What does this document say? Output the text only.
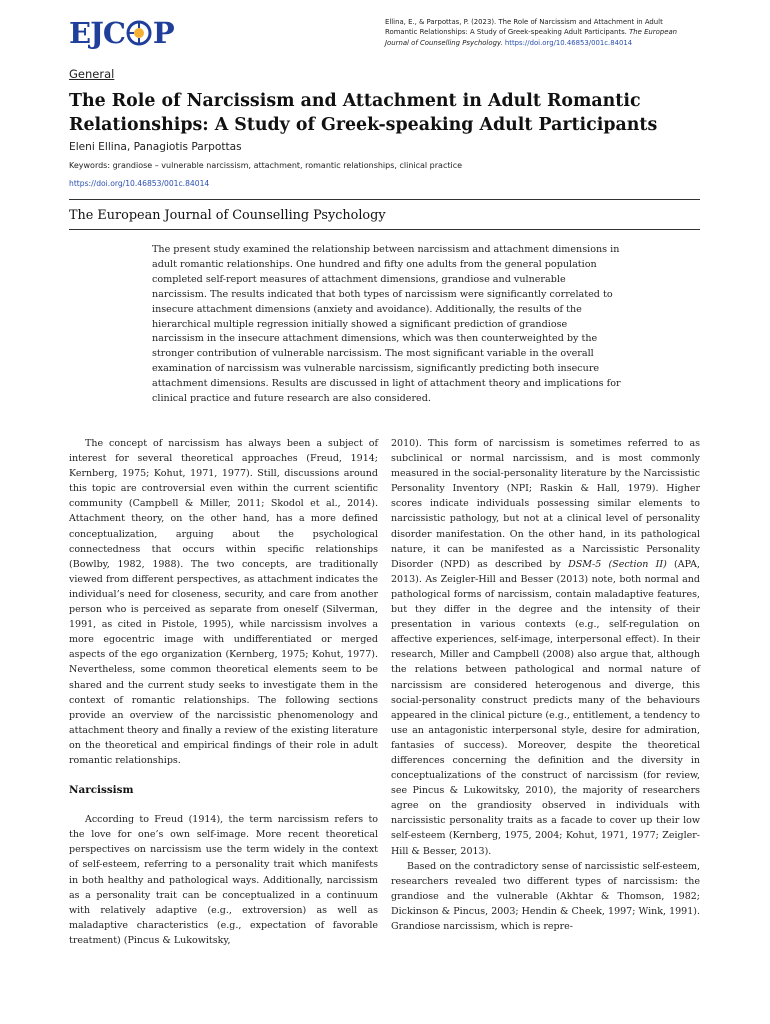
EJC P	Ellina, E., & Parpottas, P. (2023). The Role of Narcissism and Attachment in Adult Romantic Relationships: A Study of Greek-speaking Adult Participants. The European Journal of Counselling Psychology. https://doi.org/10.46853/001c.84014
General
The Role of Narcissism and Attachment in Adult Romantic Relationships: A Study of Greek-speaking Adult Participants
Eleni Ellina, Panagiotis Parpottas
Keywords: grandiose – vulnerable narcissism, attachment, romantic relationships, clinical practice
https://doi.org/10.46853/001c.84014
The European Journal of Counselling Psychology

The present study examined the relationship between narcissism and attachment dimensions in adult romantic relationships. One hundred and fifty one adults from the general population completed self-report measures of attachment dimensions, grandiose and vulnerable narcissism. The results indicated that both types of narcissism were significantly correlated to insecure attachment dimensions (anxiety and avoidance). Additionally, the results of the hierarchical multiple regression initially showed a significant prediction of grandiose narcissism in the insecure attachment dimensions, which was then counterweighted by the stronger contribution of vulnerable narcissism. The most significant variable in the overall examination of narcissism was vulnerable narcissism, significantly predicting both insecure attachment dimensions. Results are discussed in light of attachment theory and implications for clinical practice and future research are also considered.

The concept of narcissism has always been a subject of interest for several theoretical approaches (Freud, 1914; Kernberg, 1975; Kohut, 1971, 1977). Still, discussions around this topic are controversial even within the current scientific community (Campbell & Miller, 2011; Skodol et al., 2014). Attachment theory, on the other hand, has a more defined conceptualization, arguing about the psychological connectedness that occurs within specific relationships (Bowlby, 1982, 1988). The two concepts, are traditionally viewed from different perspectives, as attachment indicates the individual’s need for closeness, security, and care from another person who is perceived as separate from oneself (Silverman, 1991, as cited in Pistole, 1995), while narcissism involves a more egocentric image with undifferentiated or merged aspects of the ego organization (Kernberg, 1975; Kohut, 1977). Nevertheless, some common theoretical elements seem to be shared and the current study seeks to investigate them in the context of romantic relationships. The following sections provide an overview of the narcissistic phenomenology and attachment theory and finally a review of the existing literature on the theoretical and empirical findings of their role in adult romantic relationships.

Narcissism

According to Freud (1914), the term narcissism refers to the love for one’s own self-image. More recent theoretical perspectives on narcissism use the term widely in the context of self-esteem, referring to a personality trait which manifests in both healthy and pathological ways. Additionally, narcissism as a personality trait can be conceptualized in a continuum with relatively adaptive (e.g., extroversion) as well as maladaptive characteristics (e.g., expectation of favorable treatment) (Pincus & Lukowitsky,

2010). This form of narcissism is sometimes referred to as subclinical or normal narcissism, and is most commonly measured in the social-personality literature by the Narcissistic Personality Inventory (NPI; Raskin & Hall, 1979). Higher scores indicate individuals possessing similar elements to narcissistic pathology, but not at a clinical level of personality disorder manifestation. On the other hand, in its pathological nature, it can be manifested as a Narcissistic Personality Disorder (NPD) as described by DSM-5 (Section II) (APA, 2013). As Zeigler-Hill and Besser (2013) note, both normal and pathological forms of narcissism, contain maladaptive features, but they differ in the degree and the intensity of their presentation in various contexts (e.g., self-regulation on affective experiences, self-image, interpersonal effect). In their research, Miller and Campbell (2008) also argue that, although the relations between pathological and normal nature of narcissism are considered heterogenous and diverge, this social-personality construct predicts many of the behaviours appeared in the clinical picture (e.g., entitlement, a tendency to use an antagonistic interpersonal style, desire for admiration, fantasies of success). Moreover, despite the theoretical differences concerning the definition and the diversity in conceptualizations of the construct of narcissism (for review, see Pincus & Lukowitsky, 2010), the majority of researchers agree on the grandiosity observed in individuals with narcissistic personality traits as a facade to cover up their low self-esteem (Kernberg, 1975, 2004; Kohut, 1971, 1977; Zeigler-Hill & Besser, 2013).

Based on the contradictory sense of narcissistic self-esteem, researchers revealed two different types of narcissism: the grandiose and the vulnerable (Akhtar & Thomson, 1982; Dickinson & Pincus, 2003; Hendin & Cheek, 1997; Wink, 1991). Grandiose narcissism, which is repre-
